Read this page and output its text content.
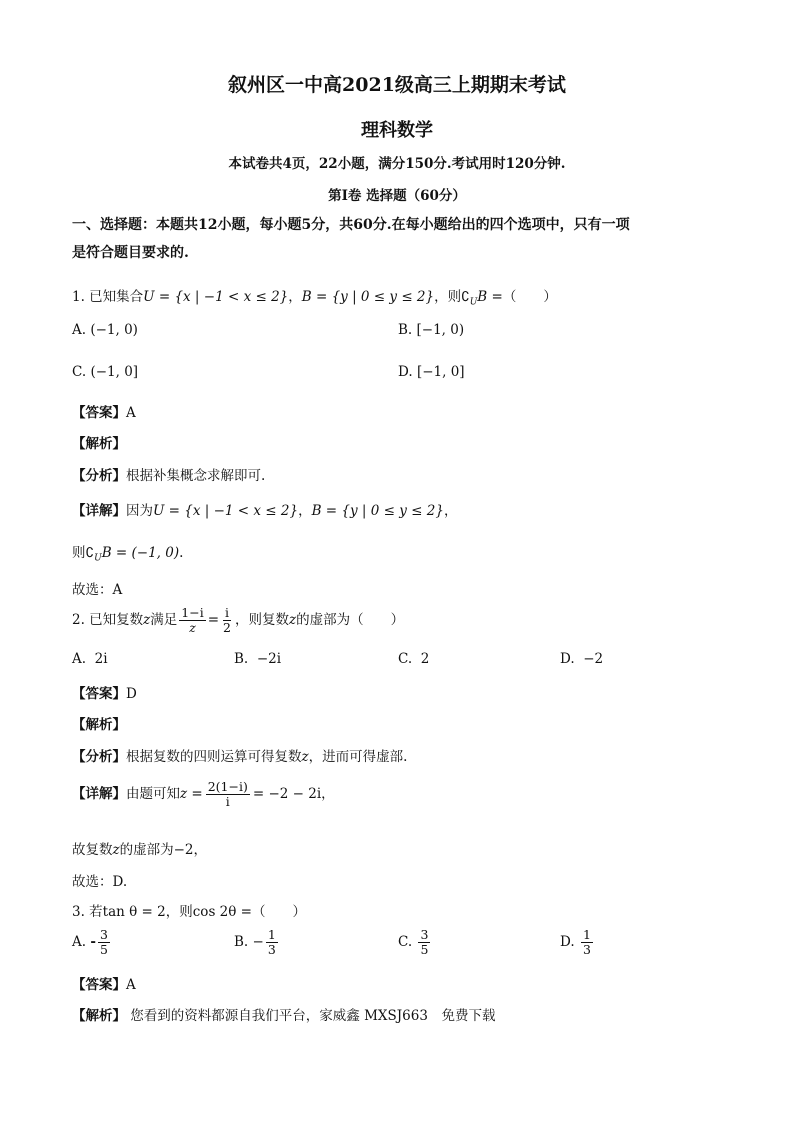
叙州区一中高2021级高三上期期末考试
理科数学
本试卷共4页，22小题，满分150分.考试用时120分钟.
第I卷 选择题（60分）
一、选择题：本题共12小题，每小题5分，共60分.在每小题给出的四个选项中，只有一项
是符合题目要求的.
1. 已知集合U = {x | −1 < x ≤ 2}，B = {y | 0 ≤ y ≤ 2}，则$∁_UB$ =（　　）
A. (−1, 0)	B. [−1, 0)
C. (−1, 0]	D. [−1, 0]
【答案】A
【解析】
【分析】根据补集概念求解即可.
【详解】因为U = {x | −1 < x ≤ 2}，B = {y | 0 ≤ y ≤ 2}，
则$∁_UB = (-1$, 0).
故选：A
2. 已知复数z满足 $\frac{1-i}{z} = \frac{i}{2}$ ，则复数z的虚部为（　　）
A. 2i	B. −2i	C. 2	D. −2
【答案】D
【解析】
【分析】根据复数的四则运算可得复数z，进而可得虚部.
【详解】由题可知$z = \frac{2(1-i)}{i} = -2 - 2i$，
故复数z的虚部为−2，
故选：D.
3. 若tan θ = 2，则cos 2θ =（　　）
A. - $\frac{3}{5}$	B. − $\frac{1}{3}$	C. $\frac{3}{5}$	D. $\frac{1}{3}$
【答案】A
【解析】 您看到的资料都源自我们平台，家威鑫 MXSJ663　免费下载
